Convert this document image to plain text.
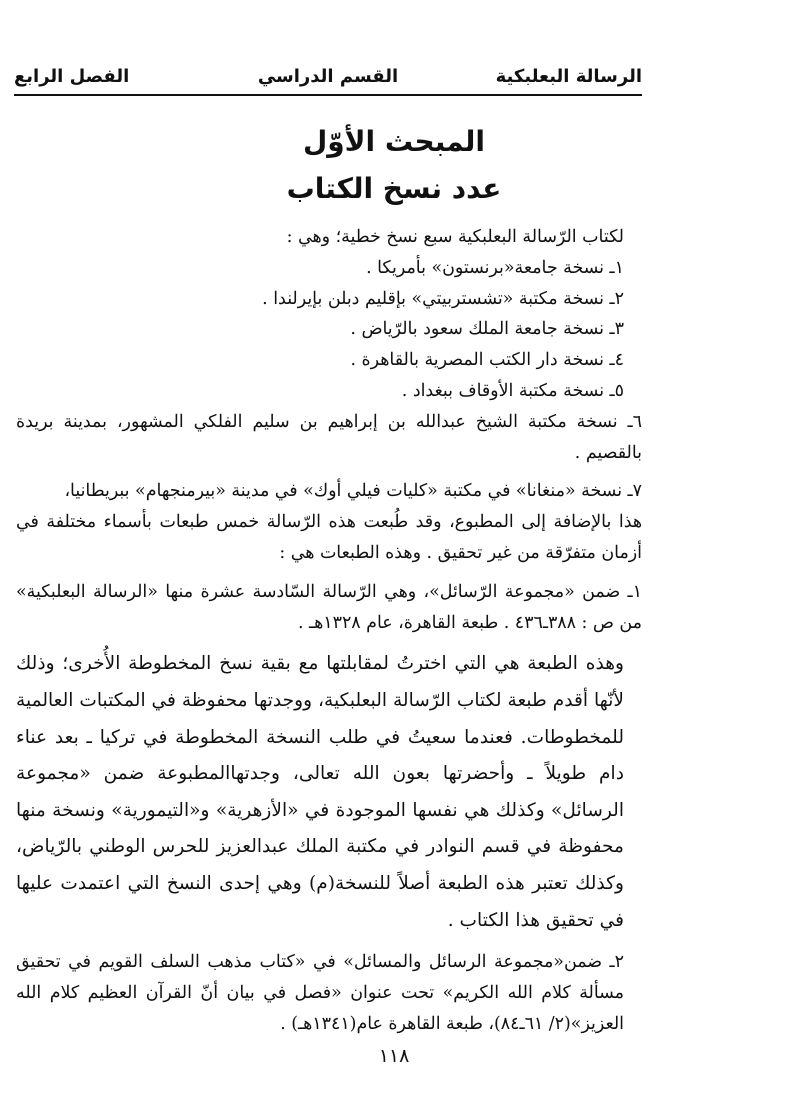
الرسالة البعلبكية
القسم الدراسي
الفصل الرابع
المبحث الأوّل
عدد نسخ الكتاب

لكتاب الرّسالة البعلبكية سبع نسخ خطية؛ وهي :

١ـ نسخة جامعة«برنستون» بأمريكا .

٢ـ نسخة مكتبة «تشستربيتي» بإقليم دبلن بإيرلندا .

٣ـ نسخة جامعة الملك سعود بالرّياض .

٤ـ نسخة دار الكتب المصرية بالقاهرة .

٥ـ نسخة مكتبة الأوقاف ببغداد .

٦ـ نسخة مكتبة الشيخ عبدالله بن إبراهيم بن سليم الفلكي المشهور، بمدينة بريدة بالقصيم .

٧ـ نسخة «منغانا» في مكتبة «كليات فيلي أوك» في مدينة «بيرمنجهام» ببريطانيا،

هذا بالإضافة إلى المطبوع، وقد طُبعت هذه الرّسالة خمس طبعات بأسماء مختلفة في أزمان متفرّقة من غير تحقيق . وهذه الطبعات هي :

١ـ ضمن «مجموعة الرّسائل»، وهي الرّسالة السّادسة عشرة منها «الرسالة البعلبكية» من ص : ٣٨٨ـ٤٣٦ . طبعة القاهرة، عام ١٣٢٨هـ .

وهذه الطبعة هي التي اخترتُ لمقابلتها مع بقية نسخ المخطوطة الأُخرى؛ وذلك لأنّها أقدم طبعة لكتاب الرّسالة البعلبكية، ووجدتها محفوظة في المكتبات العالمية للمخطوطات. فعندما سعيتُ في طلب النسخة المخطوطة في تركيا ـ بعد عناء دام طويلاً ـ وأحضرتها بعون الله تعالى، وجدتهاالمطبوعة ضمن «مجموعة الرسائل» وكذلك هي نفسها الموجودة في «الأزهرية» و«التيمورية» ونسخة منها محفوظة في قسم النوادر في مكتبة الملك عبدالعزيز للحرس الوطني بالرّياض، وكذلك تعتبر هذه الطبعة أصلاً للنسخة(م) وهي إحدى النسخ التي اعتمدت عليها في تحقيق هذا الكتاب .

٢ـ ضمن«مجموعة الرسائل والمسائل» في «كتاب مذهب السلف القويم في تحقيق مسألة كلام الله الكريم» تحت عنوان «فصل في بيان أنّ القرآن العظيم كلام الله العزيز»(٢/ ٦١ـ٨٤)، طبعة القاهرة عام(١٣٤١هـ) .

١١٨
